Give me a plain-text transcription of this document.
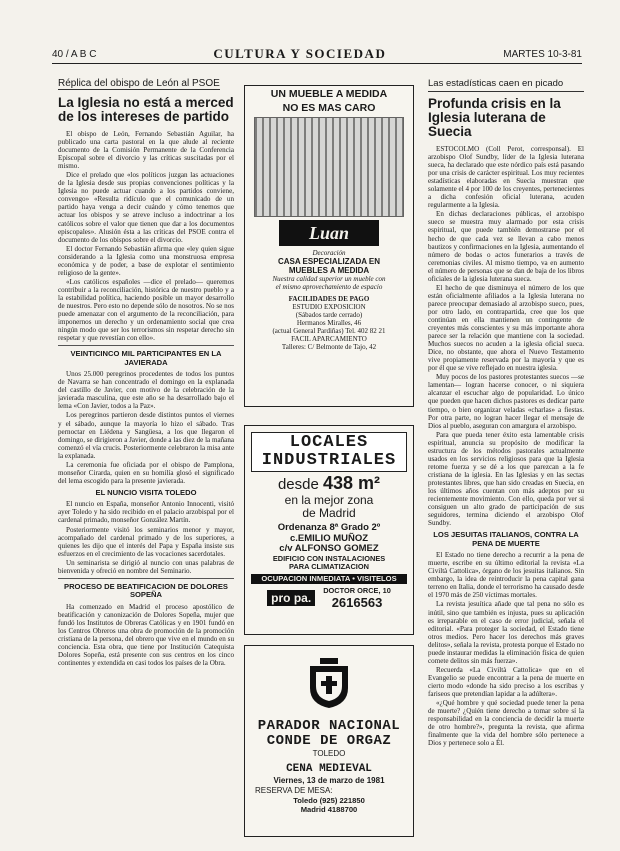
40 / A B C	CULTURA Y SOCIEDAD	MARTES 10-3-81
Réplica del obispo de León al PSOE
La Iglesia no está a merced de los intereses de partido

El obispo de León, Fernando Sebastián Aguilar, ha publicado una carta pastoral en la que alude al reciente documento de la Comisión Permanente de la Conferencia Episcopal sobre el divorcio y las críticas suscitadas por el mismo.

Dice el prelado que «los políticos juzgan las actuaciones de la Iglesia desde sus propias convenciones políticas y la Iglesia no puede actuar cuando a los partidos conviene, convengo» «Resulta ridículo que el comunicado de un partido haya venga a decir cuándo y cómo tenemos que actuar los obispos y se atreve incluso a indoctrinar a los católicos sobre el valor que tienen que dar a los documentos episcopales». Alusión ésta a las críticas del PSOE contra el documento de los obispos sobre el divorcio.

El doctor Fernando Sebastián afirma que «ley quien sigue considerando a la Iglesia como una monstruosa empresa económica y de poder, a base de explotar el sentimiento religioso de la gente».

«Los católicos españoles —dice el prelado— queremos contribuir a la reconciliación, histórica de nuestro pueblo y a la estabilidad política, haciendo posible un mayor desarrollo de nuestros. Pero esto no depende sólo de nosotros. No se nos puede amenazar con el argumento de la reconciliación, para imponernos un derecho y un ordenamiento social que crea ningún modo que ser los terrorismos sin respetar derecho sin respetar y que revestían con ello».

VEINTICINCO MIL PARTICIPANTES EN LA JAVIERADA

Unos 25.000 peregrinos procedentes de todos los puntos de Navarra se han concentrado el domingo en la explanada del castillo de Javier, con motivo de la celebración de la javierada masculina, que este año se ha desarrollado bajo el lema «Con Javier, todos a la Paz».

Los peregrinos partieron desde distintos puntos el viernes y el sábado, aunque la mayoría lo hizo el sábado. Tras pernoctar en Liédena y Sangüesa, a los que llegaron el domingo, se dirigieron a Javier, donde a las diez de la mañana comenzó el vía crucis. Posteriormente celebraron la misa ante la explanada.

La ceremonia fue oficiada por el obispo de Pamplona, monseñor Cirarda, quien en su homilía glosó el significado del lema escogido para la presente javierada.

EL NUNCIO VISITA TOLEDO

El nuncio en España, monseñor Antonio Innocenti, visitó ayer Toledo y ha sido recibido en el palacio arzobispal por el cardenal primado, monseñor González Martín.

Posteriormente visitó los seminarios menor y mayor, acompañado del cardenal primado y de los superiores, a quienes les dijo que el interés del Papa y España insiste sus esfuerzos en el crecimiento de las vocaciones sacerdotales.

Un seminarista se dirigió al nuncio con unas palabras de bienvenida y ofreció en nombre del Seminario.

PROCESO DE BEATIFICACION DE DOLORES SOPEÑA

Ha comenzado en Madrid el proceso apostólico de beatificación y canonización de Dolores Sopeña, mujer que fundó los Institutos de Obreras Católicas y en 1901 fundó en los Centros Obreros una obra de promoción de la promoción cristiana de la persona, del obrero que vive en el mundo en su conciencia. Esta obra, que tiene por Institución Catequista Dolores Sopeña, está presente con sus centros en los cinco continentes y extendida en casi todos los países de la Obra.

UN MUEBLE A MEDIDA
NO ES MAS CARO
Luan
Decoración
CASA ESPECIALIZADA EN
MUEBLES A MEDIDA
Nuestra calidad superior un mueble con
el mismo aprovechamiento de espacio
FACILIDADES DE PAGO
ESTUDIO EXPOSICION
(Sábados tarde cerrado)
Hermanos Miralles, 46
(actual General Pardiñas) Tel. 402 82 21
FACIL APARCAMIENTO
Talleres: C/ Belmonte de Tajo, 42
LOCALES
INDUSTRIALES
desde 438 m²
en la mejor zona
de Madrid
Ordenanza 8ª Grado 2º
c.EMILIO MUÑOZ
c/v ALFONSO GOMEZ
EDIFICIO CON INSTALACIONES
PARA CLIMATIZACION
OCUPACION INMEDIATA • VISITELOS
pro pa.
DOCTOR ORCE, 10
2616563
PARADOR NACIONAL
CONDE DE ORGAZ
TOLEDO
CENA MEDIEVAL
Viernes, 13 de marzo de 1981
RESERVA DE MESA:
Toledo (925) 221850
Madrid 4188700
Las estadísticas caen en picado
Profunda crisis en la Iglesia luterana de Suecia

ESTOCOLMO (Coll Perot, corresponsal). El arzobispo Olof Sundby, líder de la Iglesia luterana sueca, ha declarado que este nórdico país está pasando por una crisis de carácter espiritual. Los muy recientes estadísticas elaboradas en Suecia muestran que solamente el 4 por 100 de los creyentes, pertenecientes a dicha confesión oficial luterana, acuden regularmente a la Iglesia.

En dichas declaraciones públicas, el arzobispo sueco se muestra muy alarmado por esta crisis espiritual, que puede también demostrarse por el hecho de que cada vez se llevan a cabo menos bautizos y confirmaciones en la Iglesia, aumentando el número de bodas o actos funerarios a través de ceremonias civiles. Al mismo tiempo, va en aumento el número de personas que se dan de baja de los libros oficiales de la iglesia luterana sueca.

El hecho de que disminuya el número de los que están oficialmente afiliados a la Iglesia luterana no parece preocupar demasiado al arzobispo sueco, pues, por otro lado, en contrapartida, cree que los que continúan en ella mantienen un contingente de creyentes más conscientes y su más importante ahora parece ser la relación que mantiene con la sociedad. Muchos suecos no acuden a la iglesia oficial sueca. Dice, no obstante, que ahora el Nuevo Testamento vive propiamente reservada por la mayoría y que es por él que se vive reflejado en nuestra iglesia.

Muy pocos de los pastores protestantes suecos —se lamentan— logran hacerse conocer, o ni siquiera alcanzar el escuchar algo de popularidad. Lo único que pueden que hacen dichos pastores es dedicar parte tiempo, o bien organizar veladas «charlas» a fiestas. Por otra parte, no logran hacer llegar el mensaje de Dios al pueblo, aseguran con amargura el arzobispo.

Para que pueda tener éxito esta lamentable crisis espiritual, anuncia su propósito de modificar la estructura de los métodos pastorales actualmente usados en los servicios religiosos para que la Iglesia retome fuerza y se dé a los que parezcan a la fe cristiana de la iglesia. En las Iglesias y en las sectas protestantes libres, que han sido creadas en Suecia, en los últimos años cuentan con más adeptos por su recientemente movimiento. Con ello, queda por ver si consiguen un alto grado de participación de sus seguidores, termina diciendo el arzobispo Olof Sundby.

LOS JESUITAS ITALIANOS, CONTRA LA PENA DE MUERTE

El Estado no tiene derecho a recurrir a la pena de muerte, escribe en su último editorial la revista «La Civiltà Cattolica», órgano de los jesuitas italianos. Sin embargo, la idea de reintroducir la pena capital gana terreno en Italia, donde el terrorismo ha causado desde el 1970 más de 250 víctimas mortales.

La revista jesuítica añade que tal pena no sólo es inútil, sino que también es injusta, pues su aplicación es irreparable en el caso de error judicial, señala el editorial. «Para proteger la sociedad, el Estado tiene otros medios. Pero hacer los derechos más graves delitos», señala la revista, protesta porque el Estado no puede instaurar medidas la eliminación física de quien comete delitos sin más fuerza».

Recuerda «La Civiltà Cattolica» que en el Evangelio se puede encontrar a la pena de muerte en cierto modo «donde ha sido preciso a los escribas y fariseos que pretendían lapidar a la adúltera».

«¿Qué hombre y qué sociedad puede tener la pena de muerte? ¿Quién tiene derecho a tomar sobre sí la responsabilidad en la conciencia de decidir la muerte de otro hombre?», pregunta la revista, que afirma finalmente que la vida del hombre sólo pertenece a Dios y pertenece solo a Él.
